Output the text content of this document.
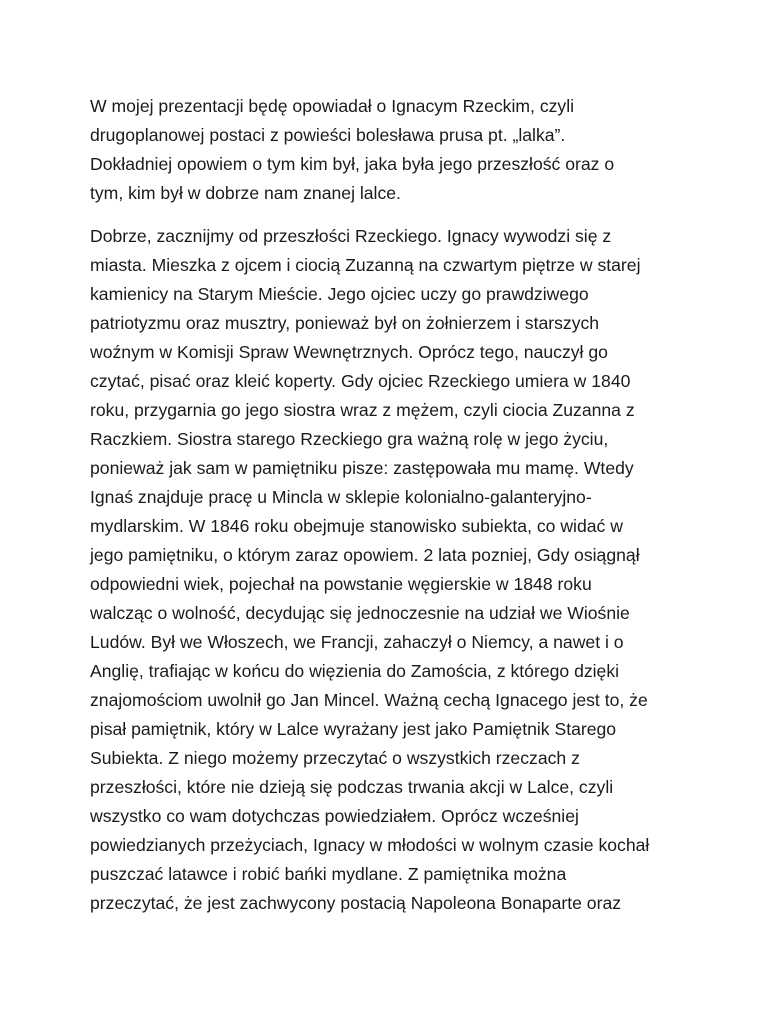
W mojej prezentacji będę opowiadał o Ignacym Rzeckim, czyli
drugoplanowej postaci z powieści bolesława prusa pt. „lalka”.
Dokładniej opowiem o tym kim był, jaka była jego przeszłość oraz o
tym, kim był w dobrze nam znanej lalce.

Dobrze, zacznijmy od przeszłości Rzeckiego. Ignacy wywodzi się z
miasta. Mieszka z ojcem i ciocią Zuzanną na czwartym piętrze w starej
kamienicy na Starym Mieście. Jego ojciec uczy go prawdziwego
patriotyzmu oraz musztry, ponieważ był on żołnierzem i starszych
woźnym w Komisji Spraw Wewnętrznych. Oprócz tego, nauczył go
czytać, pisać oraz kleić koperty. Gdy ojciec Rzeckiego umiera w 1840
roku, przygarnia go jego siostra wraz z mężem, czyli ciocia Zuzanna z
Raczkiem. Siostra starego Rzeckiego gra ważną rolę w jego życiu,
ponieważ jak sam w pamiętniku pisze: zastępowała mu mamę. Wtedy
Ignaś znajduje pracę u Mincla w sklepie kolonialno-galanteryjno-
mydlarskim. W 1846 roku obejmuje stanowisko subiekta, co widać w
jego pamiętniku, o którym zaraz opowiem. 2 lata pozniej, Gdy osiągnął
odpowiedni wiek, pojechał na powstanie węgierskie w 1848 roku
walcząc o wolność, decydując się jednoczesnie na udział we Wiośnie
Ludów. Był we Włoszech, we Francji, zahaczył o Niemcy, a nawet i o
Anglię, trafiając w końcu do więzienia do Zamościa, z którego dzięki
znajomościom uwolnił go Jan Mincel. Ważną cechą Ignacego jest to, że
pisał pamiętnik, który w Lalce wyrażany jest jako Pamiętnik Starego
Subiekta. Z niego możemy przeczytać o wszystkich rzeczach z
przeszłości, które nie dzieją się podczas trwania akcji w Lalce, czyli
wszystko co wam dotychczas powiedziałem. Oprócz wcześniej
powiedzianych przeżyciach, Ignacy w młodości w wolnym czasie kochał
puszczać latawce i robić bańki mydlane. Z pamiętnika można
przeczytać, że jest zachwycony postacią Napoleona Bonaparte oraz
